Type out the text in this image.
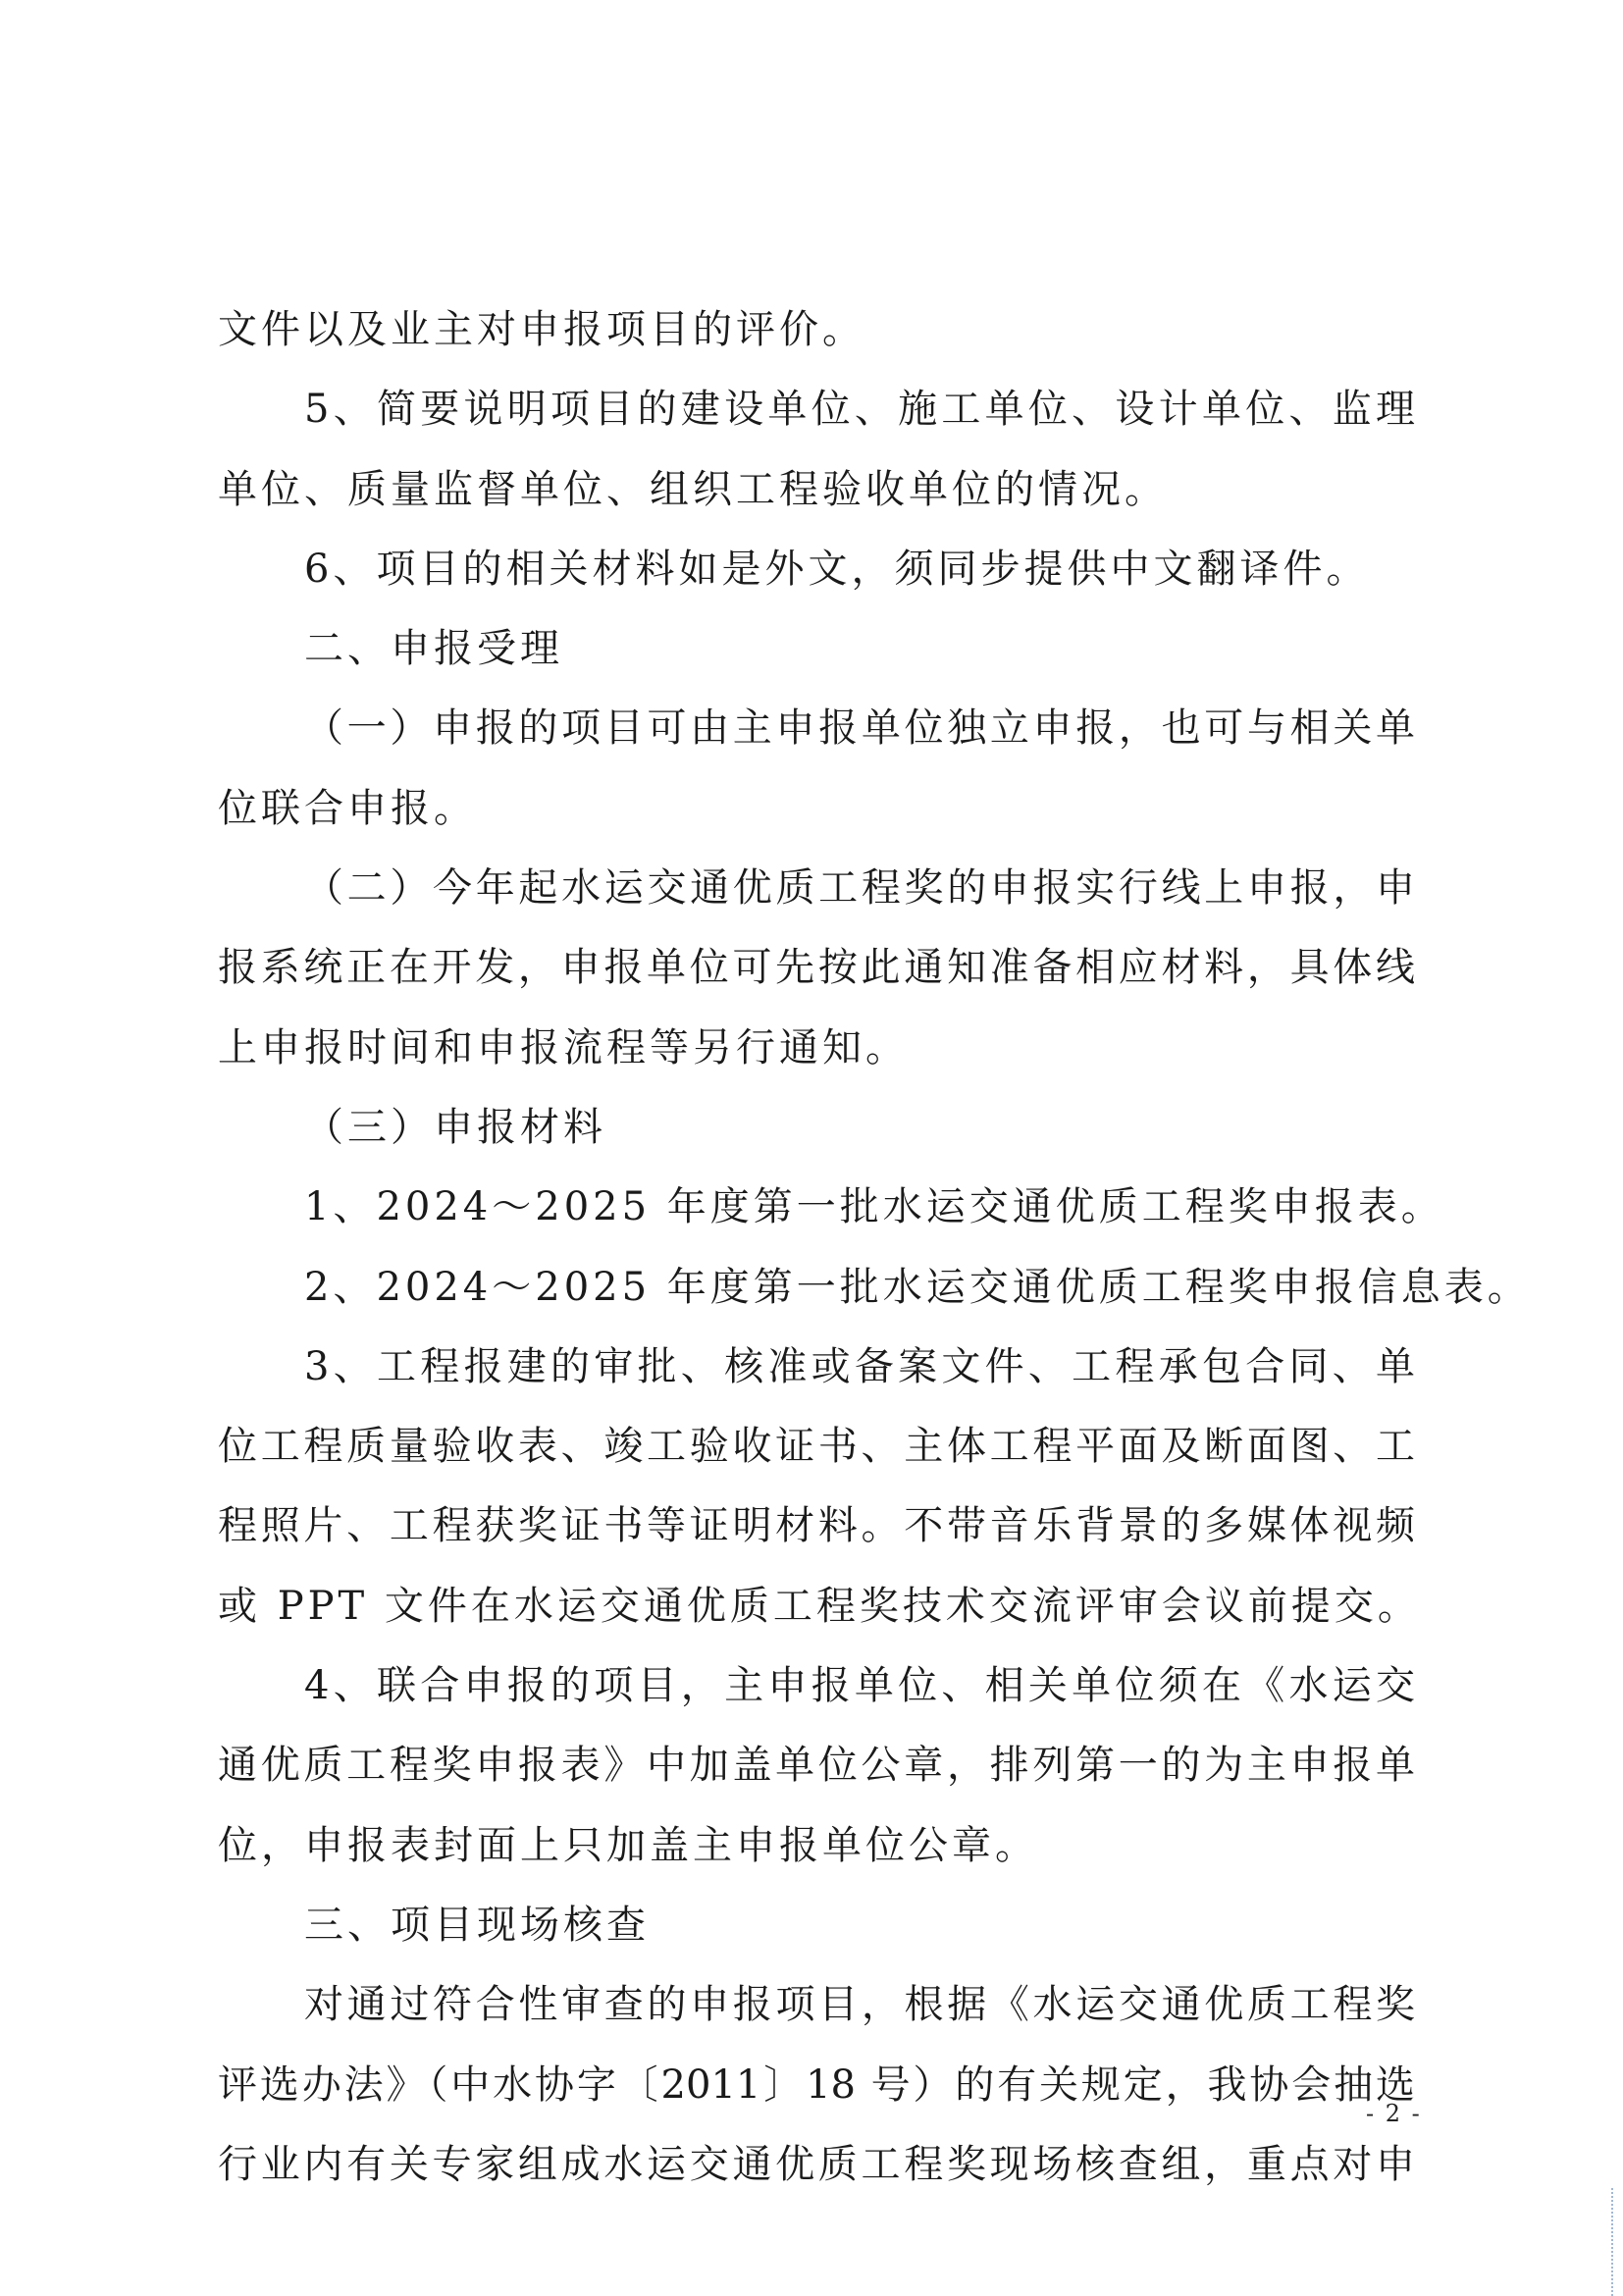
文件以及业主对申报项目的评价。
5、简要说明项目的建设单位、施工单位、设计单位、监理
单位、质量监督单位、组织工程验收单位的情况。
6、项目的相关材料如是外文，须同步提供中文翻译件。
二、申报受理
（一）申报的项目可由主申报单位独立申报，也可与相关单
位联合申报。
（二）今年起水运交通优质工程奖的申报实行线上申报，申
报系统正在开发，申报单位可先按此通知准备相应材料，具体线
上申报时间和申报流程等另行通知。
（三）申报材料
1、2024～2025 年度第一批水运交通优质工程奖申报表。
2、2024～2025 年度第一批水运交通优质工程奖申报信息表。
3、工程报建的审批、核准或备案文件、工程承包合同、单
位工程质量验收表、竣工验收证书、主体工程平面及断面图、工
程照片、工程获奖证书等证明材料。不带音乐背景的多媒体视频
或 PPT 文件在水运交通优质工程奖技术交流评审会议前提交。
4、联合申报的项目，主申报单位、相关单位须在《水运交
通优质工程奖申报表》中加盖单位公章，排列第一的为主申报单
位，申报表封面上只加盖主申报单位公章。
三、项目现场核查
对通过符合性审查的申报项目，根据《水运交通优质工程奖
评选办法》（中水协字〔2011〕18 号）的有关规定，我协会抽选
行业内有关专家组成水运交通优质工程奖现场核查组，重点对申
- 2 -
